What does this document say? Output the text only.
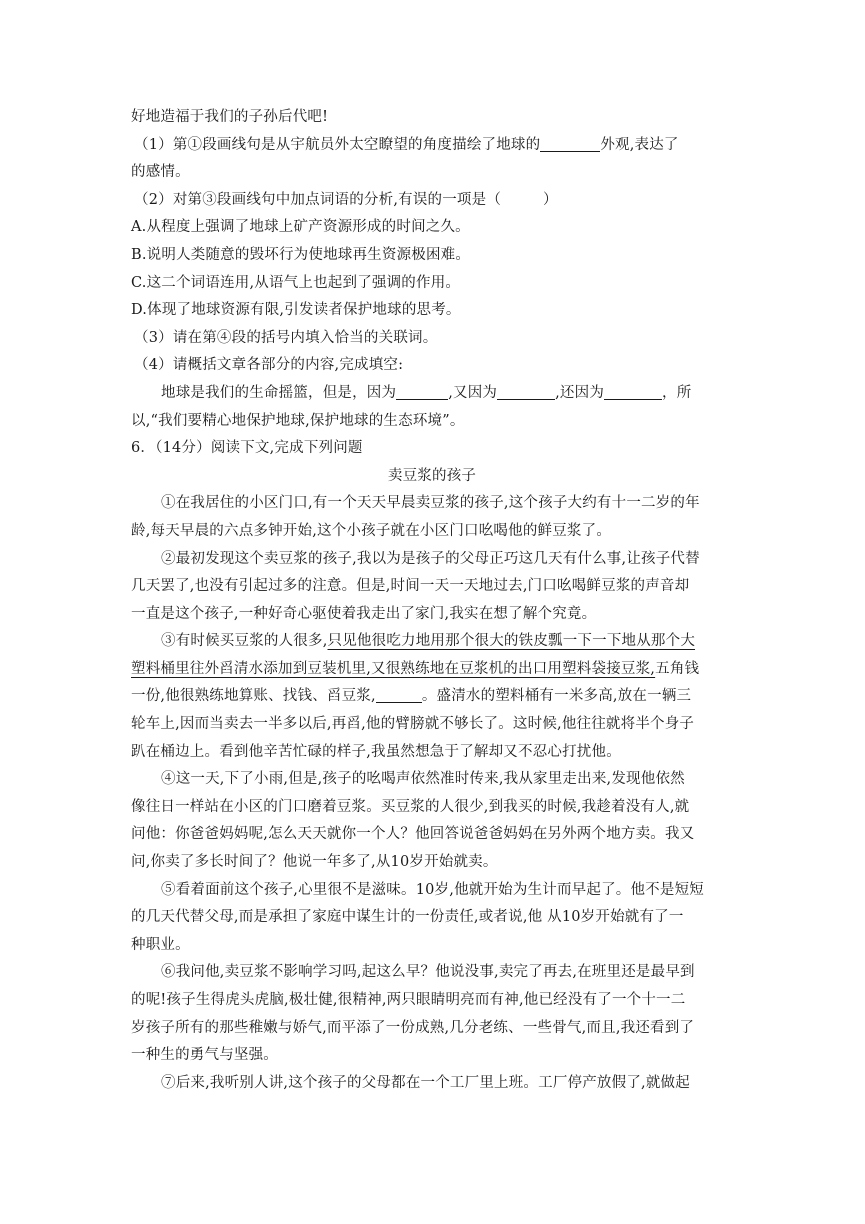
好地造福于我们的子孙后代吧!
（1）第①段画线句是从宇航员外太空瞭望的角度描绘了地球的	外观,表达了
的感情。
（2）对第③段画线句中加点词语的分析,有误的一项是（	）
A.从程度上强调了地球上矿产资源形成的时间之久。
B.说明人类随意的毁坏行为使地球再生资源极困难。
C.这二个词语连用,从语气上也起到了强调的作用。
D.体现了地球资源有限,引发读者保护地球的思考。
（3）请在第④段的括号内填入恰当的关联词。
（4）请概括文章各部分的内容,完成填空:
地球是我们的生命摇篮，但是，因为	,又因为	,还因为	，所
以,“我们要精心地保护地球,保护地球的生态环境”。
6．（14分）阅读下文,完成下列问题
卖豆浆的孩子
①在我居住的小区门口,有一个天天早晨卖豆浆的孩子,这个孩子大约有十一二岁的年
龄,每天早晨的六点多钟开始,这个小孩子就在小区门口吆喝他的鲜豆浆了。
②最初发现这个卖豆浆的孩子,我以为是孩子的父母正巧这几天有什么事,让孩子代替
几天罢了,也没有引起过多的注意。但是,时间一天一天地过去,门口吆喝鲜豆浆的声音却
一直是这个孩子,一种好奇心驱使着我走出了家门,我实在想了解个究竟。
③有时候买豆浆的人很多,只见他很吃力地用那个很大的铁皮瓢一下一下地从那个大
塑料桶里往外舀清水添加到豆装机里,又很熟练地在豆浆机的出口用塑料袋接豆浆,五角钱
一份,他很熟练地算账、找钱、舀豆浆,	。盛清水的塑料桶有一米多高,放在一辆三
轮车上,因而当卖去一半多以后,再舀,他的臂膀就不够长了。这时候,他往往就将半个身子
趴在桶边上。看到他辛苦忙碌的样子,我虽然想急于了解却又不忍心打扰他。
④这一天,下了小雨,但是,孩子的吆喝声依然准时传来,我从家里走出来,发现他依然
像往日一样站在小区的门口磨着豆浆。买豆浆的人很少,到我买的时候,我趁着没有人,就
问他：你爸爸妈妈呢,怎么天天就你一个人？他回答说爸爸妈妈在另外两个地方卖。我又
问,你卖了多长时间了？他说一年多了,从10岁开始就卖。
⑤看着面前这个孩子,心里很不是滋味。10岁,他就开始为生计而早起了。他不是短短
的几天代替父母,而是承担了家庭中谋生计的一份责任,或者说,他 从10岁开始就有了一
种职业。
⑥我问他,卖豆浆不影响学习吗,起这么早？他说没事,卖完了再去,在班里还是最早到
的呢!孩子生得虎头虎脑,极壮健,很精神,两只眼睛明亮而有神,他已经没有了一个十一二
岁孩子所有的那些稚嫩与娇气,而平添了一份成熟,几分老练、一些骨气,而且,我还看到了
一种生的勇气与坚强。
⑦后来,我听别人讲,这个孩子的父母都在一个工厂里上班。工厂停产放假了,就做起
